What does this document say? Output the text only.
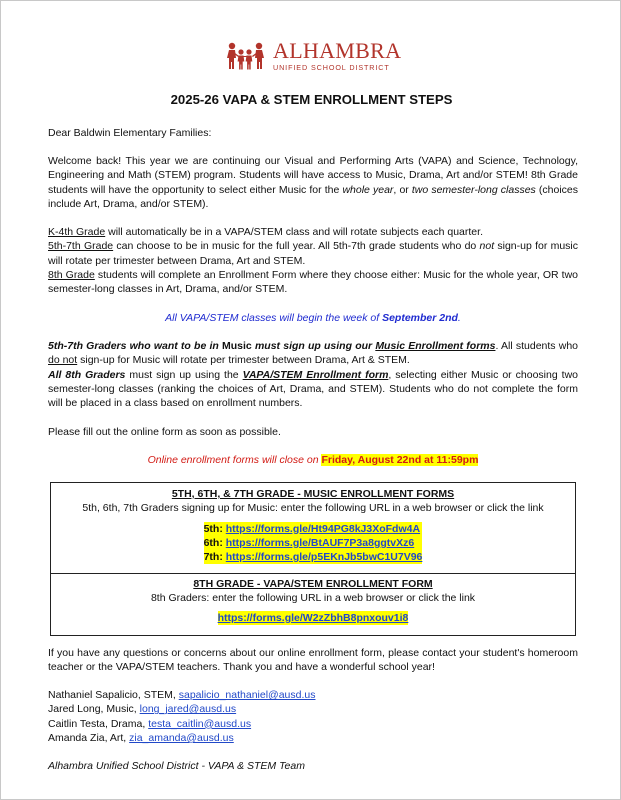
ALHAMBRA
UNIFIED SCHOOL DISTRICT
2025-26 VAPA & STEM ENROLLMENT STEPS
Dear Baldwin Elementary Families:
Welcome back! This year we are continuing our Visual and Performing Arts (VAPA) and Science, Technology, Engineering and Math (STEM) program. Students will have access to Music, Drama, Art and/or STEM! 8th Grade students will have the opportunity to select either Music for the whole year, or two semester-long classes (choices include Art, Drama, and/or STEM).
K-4th Grade will automatically be in a VAPA/STEM class and will rotate subjects each quarter.
5th-7th Grade can choose to be in music for the full year. All 5th-7th grade students who do not sign-up for music will rotate per trimester between Drama, Art and STEM.
8th Grade students will complete an Enrollment Form where they choose either: Music for the whole year, OR two semester-long classes in Art, Drama, and/or STEM.
All VAPA/STEM classes will begin the week of September 2nd.
5th-7th Graders who want to be in Music must sign up using our Music Enrollment forms. All students who do not sign-up for Music will rotate per trimester between Drama, Art & STEM.
All 8th Graders must sign up using the VAPA/STEM Enrollment form, selecting either Music or choosing two semester-long classes (ranking the choices of Art, Drama, and STEM). Students who do not complete the form will be placed in a class based on enrollment numbers.
Please fill out the online form as soon as possible.
Online enrollment forms will close on Friday, August 22nd at 11:59pm
5TH, 6TH, & 7TH GRADE - MUSIC ENROLLMENT FORMS
5th, 6th, 7th Graders signing up for Music: enter the following URL in a web browser or click the link
5th: https://forms.gle/Ht94PG8kJ3XoFdw4A
6th: https://forms.gle/BtAUF7P3a8ggtvXz6
7th: https://forms.gle/p5EKnJb5bwC1U7V96
8TH GRADE - VAPA/STEM ENROLLMENT FORM
8th Graders: enter the following URL in a web browser or click the link
https://forms.gle/W2zZbhB8pnxouv1i8
If you have any questions or concerns about our online enrollment form, please contact your student's homeroom teacher or the VAPA/STEM teachers. Thank you and have a wonderful school year!
Nathaniel Sapalicio, STEM, sapalicio_nathaniel@ausd.us
Jared Long, Music, long_jared@ausd.us
Caitlin Testa, Drama, testa_caitlin@ausd.us
Amanda Zia, Art, zia_amanda@ausd.us
Alhambra Unified School District - VAPA & STEM Team
